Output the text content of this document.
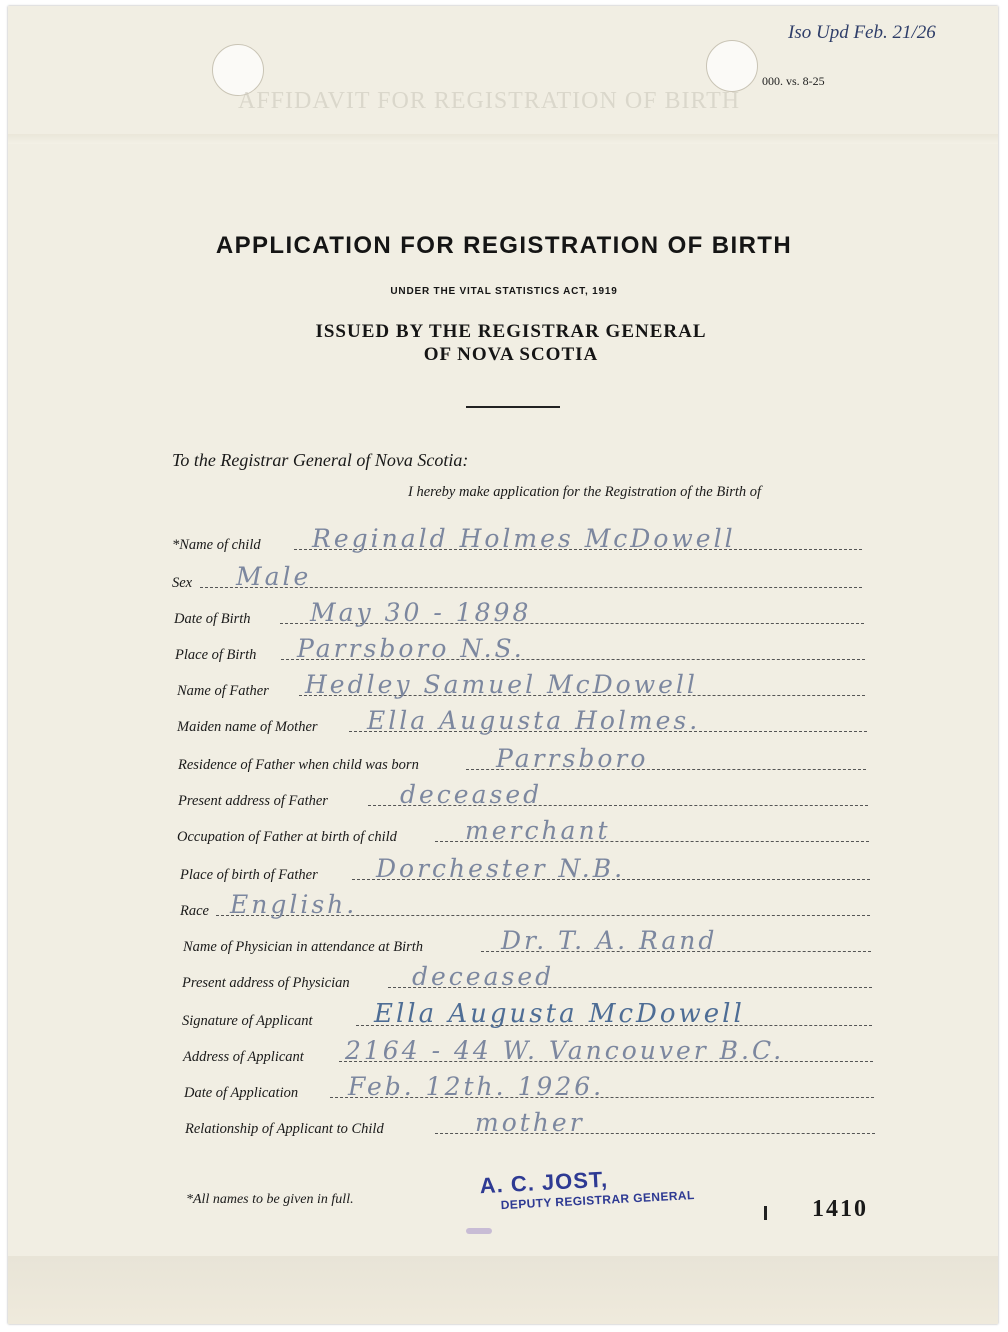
AFFIDAVIT FOR REGISTRATION OF BIRTH
Iso Upd Feb. 21/26
000. vs. 8-25
APPLICATION FOR REGISTRATION OF BIRTH
UNDER THE VITAL STATISTICS ACT, 1919
ISSUED BY THE REGISTRAR GENERAL
OF NOVA SCOTIA
To the Registrar General of Nova Scotia:
I hereby make application for the Registration of the Birth of
*Name of child Reginald Holmes McDowell
Sex Male
Date of Birth May 30 - 1898
Place of Birth Parrsboro N.S.
Name of Father Hedley Samuel McDowell
Maiden name of Mother Ella Augusta Holmes.
Residence of Father when child was born	Parrsboro
Present address of Father	deceased
Occupation of Father at birth of child	merchant
Place of birth of Father Dorchester N.B.
Race English.
Name of Physician in attendance at Birth	Dr. T. A. Rand
Present address of Physician deceased
Signature of Applicant Ella Augusta McDowell
Address of Applicant 2164 - 44 W. Vancouver B.C.
Date of Application Feb. 12th. 1926.
Relationship of Applicant to Child	mother
*All names to be given in full.
A. C. JOST,
DEPUTY REGISTRAR GENERAL	1410
